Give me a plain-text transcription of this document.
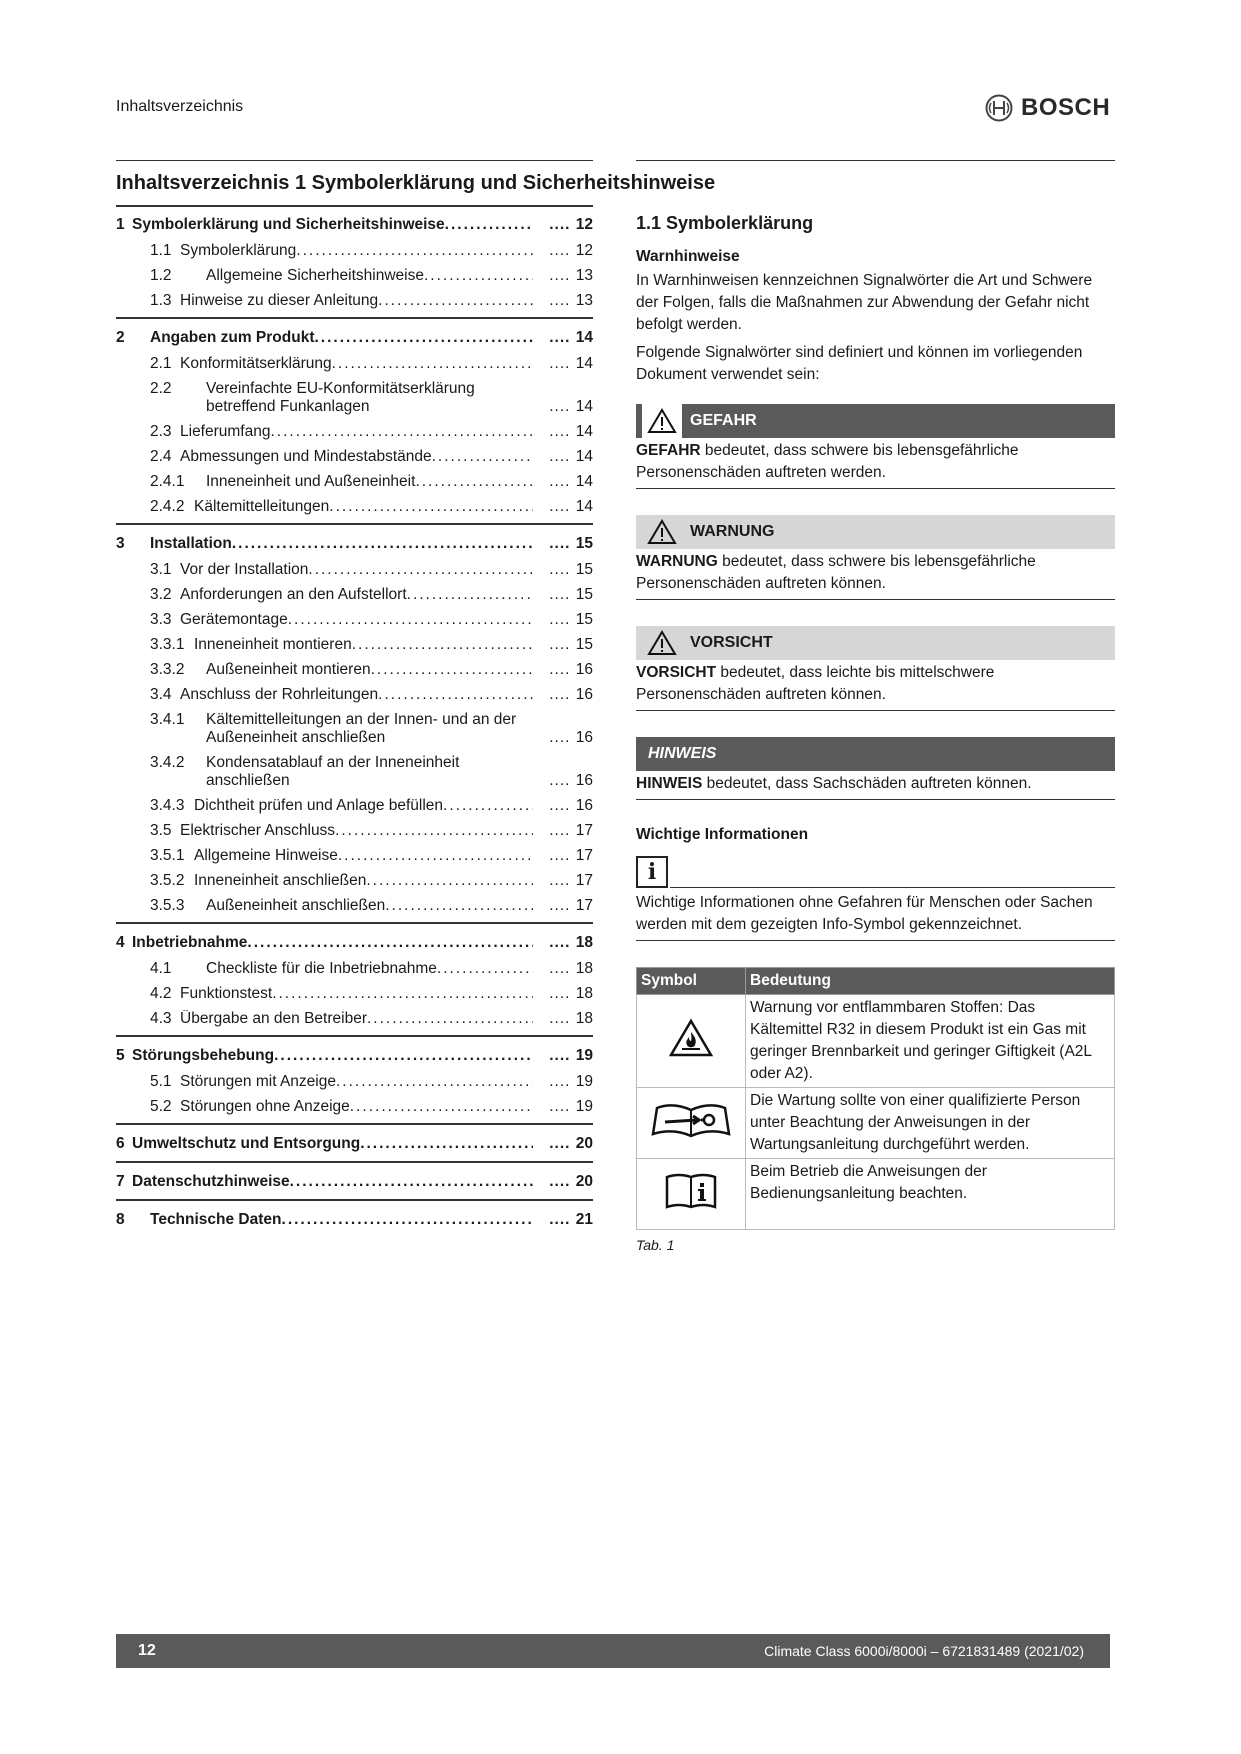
Inhaltsverzeichnis	BOSCH
Inhaltsverzeichnis 1 Symbolerklärung und Sicherheitshinweise
1 Symbolerklärung und Sicherheitshinweise .....	.... 12
1.1 Symbolerklärung .....	.... 12
1.2	Allgemeine Sicherheitshinweise .....	.... 13
1.3 Hinweise zu dieser Anleitung .....	.... 13
2	Angaben zum Produkt .....	.... 14
2.1 Konformitätserklärung .....	.... 14
2.2	Vereinfachte EU-Konformitätserklärung betreffend Funkanlagen	.... 14
2.3 Lieferumfang .....	.... 14
2.4 Abmessungen und Mindestabstände .....	.... 14
2.4.1	Inneneinheit und Außeneinheit .....	.... 14
2.4.2 Kältemittelleitungen .....	.... 14
3	Installation .....	.... 15
3.1 Vor der Installation .....	.... 15
3.2 Anforderungen an den Aufstellort .....	.... 15
3.3 Gerätemontage .....	.... 15
3.3.1 Inneneinheit montieren .....	.... 15
3.3.2	Außeneinheit montieren .....	.... 16
3.4 Anschluss der Rohrleitungen .....	.... 16
3.4.1	Kältemittelleitungen an der Innen- und an der Außeneinheit anschließen	.... 16
3.4.2	Kondensatablauf an der Inneneinheit anschließen	.... 16
3.4.3 Dichtheit prüfen und Anlage befüllen .....	.... 16
3.5 Elektrischer Anschluss .....	.... 17
3.5.1 Allgemeine Hinweise .....	.... 17
3.5.2 Inneneinheit anschließen .....	.... 17
3.5.3	Außeneinheit anschließen .....	.... 17
4 Inbetriebnahme .....	.... 18
4.1	Checkliste für die Inbetriebnahme .....	.... 18
4.2 Funktionstest .....	.... 18
4.3 Übergabe an den Betreiber .....	.... 18
5 Störungsbehebung .....	.... 19
5.1 Störungen mit Anzeige .....	.... 19
5.2 Störungen ohne Anzeige .....	.... 19
6 Umweltschutz und Entsorgung .....	.... 20
7 Datenschutzhinweise .....	.... 20
8	Technische Daten .....	.... 21
1.1 Symbolerklärung
Warnhinweise
In Warnhinweisen kennzeichnen Signalwörter die Art und Schwere der Folgen, falls die Maßnahmen zur Abwendung der Gefahr nicht befolgt werden.
Folgende Signalwörter sind definiert und können im vorliegenden Dokument verwendet sein:
GEFAHR
GEFAHR bedeutet, dass schwere bis lebensgefährliche Personenschäden auftreten werden.
WARNUNG
WARNUNG bedeutet, dass schwere bis lebensgefährliche Personenschäden auftreten können.
VORSICHT
VORSICHT bedeutet, dass leichte bis mittelschwere Personenschäden auftreten können.
HINWEIS
HINWEIS bedeutet, dass Sachschäden auftreten können.
Wichtige Informationen
i
Wichtige Informationen ohne Gefahren für Menschen oder Sachen werden mit dem gezeigten Info-Symbol gekennzeichnet.
Symbol	Bedeutung
	Warnung vor entflammbaren Stoffen: Das Kältemittel R32 in diesem Produkt ist ein Gas mit geringer Brennbarkeit und geringer Giftigkeit (A2L oder A2).
	Die Wartung sollte von einer qualifizierte Person unter Beachtung der Anweisungen in der Wartungsanleitung durchgeführt werden.
	Beim Betrieb die Anweisungen der Bedienungsanleitung beachten.
Tab. 1
12	Climate Class 6000i/8000i – 6721831489 (2021/02)
